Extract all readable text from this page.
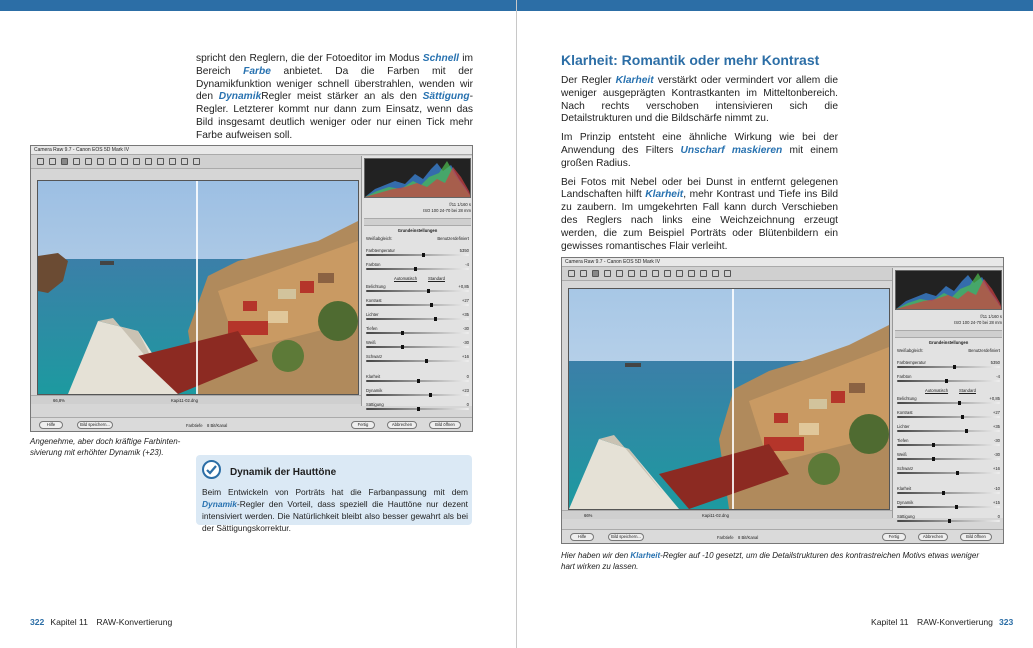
spricht den Reglern, die der Fotoeditor im Modus Schnell im Bereich Farbe anbietet. Da die Farben mit der Dynamikfunktion weniger schnell überstrahlen, wenden wir den DynamikRegler meist stärker an als den Sättigung-Regler. Letzterer kommt nur dann zum Einsatz, wenn das Bild insgesamt deutlich weniger oder nur einen Tick mehr Farbe aufweisen soll.
Camera Raw 9.7 - Canon EOS 5D Mark IV
f/11 1/160 s
ISO 100 24-70 bei 28 mm
Grundeinstellungen
Weißabgleich:	Benutzerdefiniert
Farbtemperatur	5350
Farbton	-4
Automatisch	Standard
Belichtung	+0,85
Kontrast	+27
Lichter	+35
Tiefen	-30
Weiß	-30
Schwarz	+16
Klarheit	0
Dynamik	+23
Sättigung	0
66,8%	Kapi11-02.dng
Hilfe	Bild speichern...	Farbtiefe 8 Bit/Kanal	Fertig	Abbrechen	Bild öffnen
Angenehme, aber doch kräftige Farbinten-
sivierung mit erhöhter Dynamik (+23).
Dynamik der Hauttöne
Beim Entwickeln von Porträts hat die Farbanpassung mit dem Dynamik-Regler den Vorteil, dass speziell die Hauttöne nur dezent intensiviert werden. Die Natürlichkeit bleibt also besser gewahrt als bei der Sättigungskorrektur.
322 Kapitel 11 RAW-Konvertierung
Klarheit: Romantik oder mehr Kontrast

Der Regler Klarheit verstärkt oder vermindert vor allem die weniger ausgeprägten Kontrastkanten im Mitteltonbereich. Nach rechts verschoben intensivieren sich die Detailstrukturen und die Bildschärfe nimmt zu.

Im Prinzip entsteht eine ähnliche Wirkung wie bei der Anwendung des Filters Unscharf maskieren mit einem großen Radius.

Bei Fotos mit Nebel oder bei Dunst in entfernt gelegenen Landschaften hilft Klarheit, mehr Kontrast und Tiefe ins Bild zu zaubern. Im umgekehrten Fall kann durch Verschieben des Reglers nach links eine Weichzeichnung erzeugt werden, die zum Beispiel Porträts oder Blütenbildern ein gewisses romantisches Flair verleiht.

Camera Raw 9.7 - Canon EOS 5D Mark IV
f/11 1/160 s
ISO 100 24-70 bei 28 mm
Grundeinstellungen
Weißabgleich:	Benutzerdefiniert
Farbtemperatur	5350
Farbton	-4
Automatisch	Standard
Belichtung	+0,85
Kontrast	+27
Lichter	+35
Tiefen	-30
Weiß	-30
Schwarz	+16
Klarheit	-10
Dynamik	+15
Sättigung	0
66%	Kapi11-02.dng
Hilfe	Bild speichern...	Farbtiefe 8 Bit/Kanal	Fertig	Abbrechen	Bild öffnen
Hier haben wir den Klarheit-Regler auf -10 gesetzt, um die Detailstrukturen des kontrastreichen Motivs etwas weniger hart wirken zu lassen.
Kapitel 11 RAW-Konvertierung 323
